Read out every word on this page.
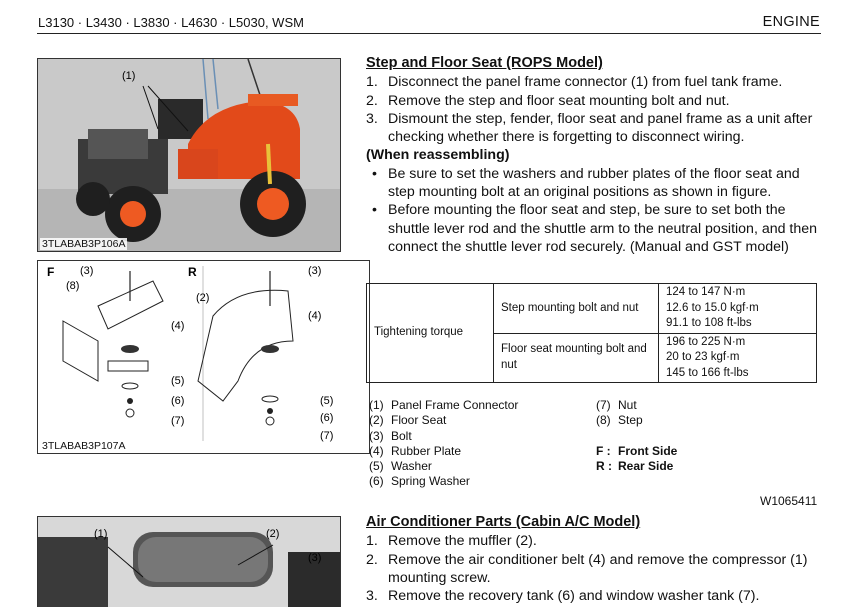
L3130 · L3430 · L3830 · L4630 · L5030, WSM	ENGINE
(1)
3TLABAB3P106A
F (3)
(8)
(4)
(5)
(6)
(7)
R	(3)
(2)
(4)
(5)
(6)
(7)
3TLABAB3P107A
(1)	(2)
(3)
Step and Floor Seat (ROPS Model)
1. Disconnect the panel frame connector (1) from fuel tank frame.
2. Remove the step and floor seat mounting bolt and nut.
3. Dismount the step, fender, floor seat and panel frame as a unit after checking whether there is forgetting to disconnect wiring.
(When reassembling)
• Be sure to set the washers and rubber plates of the floor seat and step mounting bolt at an original positions as shown in figure.
• Before mounting the floor seat and step, be sure to set both the shuttle lever rod and the shuttle arm to the neutral position, and then connect the shuttle lever rod securely. (Manual and GST model)
Tightening torque	Step mounting bolt and nut	124 to 147 N·m
12.6 to 15.0 kgf·m
91.1 to 108 ft-lbs

	Floor seat mounting bolt and nut	196 to 225 N·m
20 to 23 kgf·m
145 to 166 ft-lbs
(1) Panel Frame Connector
(2) Floor Seat
(3) Bolt
(4) Rubber Plate
(5) Washer
(6) Spring Washer
(7) Nut
(8) Step
F : Front Side
R : Rear Side
W1065411
Air Conditioner Parts (Cabin A/C Model)
1. Remove the muffler (2).
2. Remove the air conditioner belt (4) and remove the compressor (1) mounting screw.
3. Remove the recovery tank (6) and window washer tank (7).
